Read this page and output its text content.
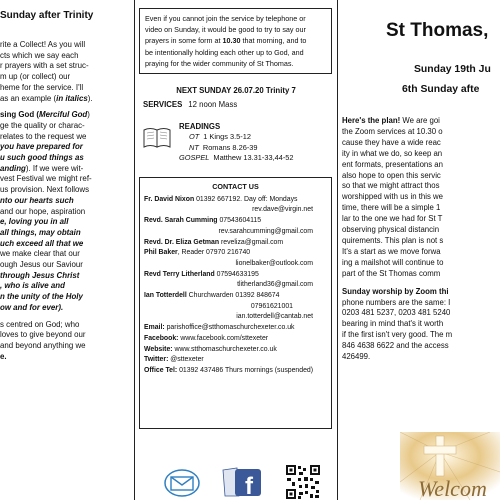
Sunday after Trinity

rite a Collect! As you will

cts which we say each

r prayers with a set struc-

m up (or collect) our

heme for the service. I'll

as an example (in italics).

sing God (Merciful God)

ge the quality or charac-

relates to the request we

you have prepared for

u such good things as

anding). If we were wit-

vest Festival we might ref-

us provision. Next follows

nto our hearts such

and our hope, aspiration

e, loving you in all

all things, may obtain

uch exceed all that we

we make clear that our

ough Jesus our Saviour

through Jesus Christ

, who is alive and

n the unity of the Holy

ow and for ever).

s centred on God; who

loves to give beyond our

and beyond anything we

e.

Even if you cannot join the service by telephone or

video on Sunday, it would be good to try to say our

prayers in some form at 10.30 that morning, and to

be intentionally holding each other up to God, and

praying for the wider community of St Thomas.

NEXT SUNDAY 26.07.20 Trinity 7
SERVICES 12 noon Mass
READINGS
OT 1 Kings 3.5-12
NT Romans 8.26-39
GOSPEL Matthew 13.31-33,44-52

CONTACT US

Fr. David Nixon 01392 667192. Day off: Mondays

rev.dave@virgin.net

Revd. Sarah Cumming 07543604115

rev.sarahcumming@gmail.com

Revd. Dr. Eliza Getman reveliza@gmail.com

Phil Baker, Reader 07970 216740

lionelbaker@outlook.com

Revd Terry Litherland 07594633195

tlitherland36@gmail.com

Ian Totterdell Churchwarden 01392 848674

07961621001

ian.totterdell@cantab.net

Email: parishoffice@stthomaschurchexeter.co.uk

Facebook: www.facebook.com/sttexeter

Website: www.stthomaschurchexeter.co.uk

Twitter: @sttexeter

Office Tel: 01392 437486 Thurs mornings (suspended)

f
St Thomas,
Sunday 19th Ju
6th Sunday afte

Here's the plan! We are goi

the Zoom services at 10.30 o

cause they have a wide reac

ity in what we do, so keep an

ent formats, presentations an

also hope to open this servic

so that we might attract thos

worshipped with us in this we

time, there will be a simple 1

lar to the one we had for St T

observing physical distancin

quirements. This plan is not s

It's a start as we move forwa

ing a mailshot will continue to

part of the St Thomas comm

Sunday worship by Zoom thi

phone numbers are the same: I

0203 481 5237, 0203 481 5240

bearing in mind that's it worth

if the first isn't very good. The m

846 4638 6622 and the access

426499.

Welcom
